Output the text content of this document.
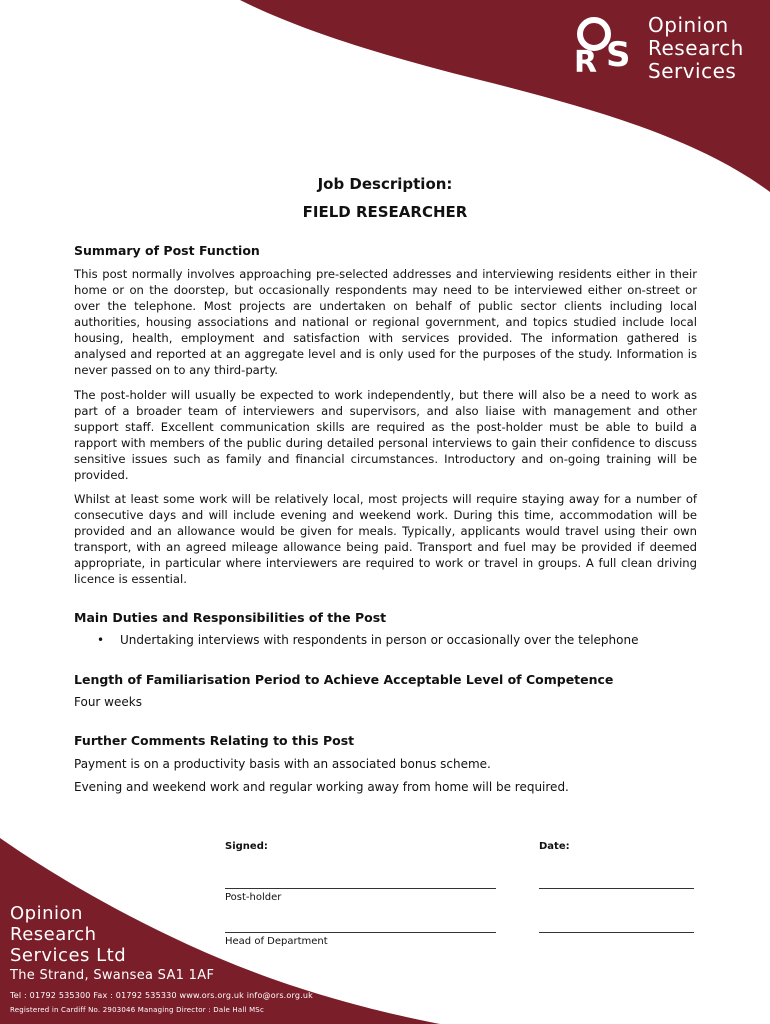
R S
Opinion
Research
Services
Job Description:
FIELD RESEARCHER
Summary of Post Function

This post normally involves approaching pre-selected addresses and interviewing residents either in their home or on the doorstep, but occasionally respondents may need to be interviewed either on-street or over the telephone. Most projects are undertaken on behalf of public sector clients including local authorities, housing associations and national or regional government, and topics studied include local housing, health, employment and satisfaction with services provided. The information gathered is analysed and reported at an aggregate level and is only used for the purposes of the study. Information is never passed on to any third-party.

The post-holder will usually be expected to work independently, but there will also be a need to work as part of a broader team of interviewers and supervisors, and also liaise with management and other support staff. Excellent communication skills are required as the post-holder must be able to build a rapport with members of the public during detailed personal interviews to gain their confidence to discuss sensitive issues such as family and financial circumstances. Introductory and on-going training will be provided.

Whilst at least some work will be relatively local, most projects will require staying away for a number of consecutive days and will include evening and weekend work. During this time, accommodation will be provided and an allowance would be given for meals. Typically, applicants would travel using their own transport, with an agreed mileage allowance being paid. Transport and fuel may be provided if deemed appropriate, in particular where interviewers are required to work or travel in groups. A full clean driving licence is essential.

Main Duties and Responsibilities of the Post
• Undertaking interviews with respondents in person or occasionally over the telephone
Length of Familiarisation Period to Achieve Acceptable Level of Competence
Four weeks
Further Comments Relating to this Post
Payment is on a productivity basis with an associated bonus scheme.
Evening and weekend work and regular working away from home will be required.
Signed:	Date:
Post-holder
Head of Department
Opinion
Research
Services Ltd
The Strand, Swansea SA1 1AF
Tel : 01792 535300 Fax : 01792 535330 www.ors.org.uk info@ors.org.uk
Registered in Cardiff No. 2903046 Managing Director : Dale Hall MSc
